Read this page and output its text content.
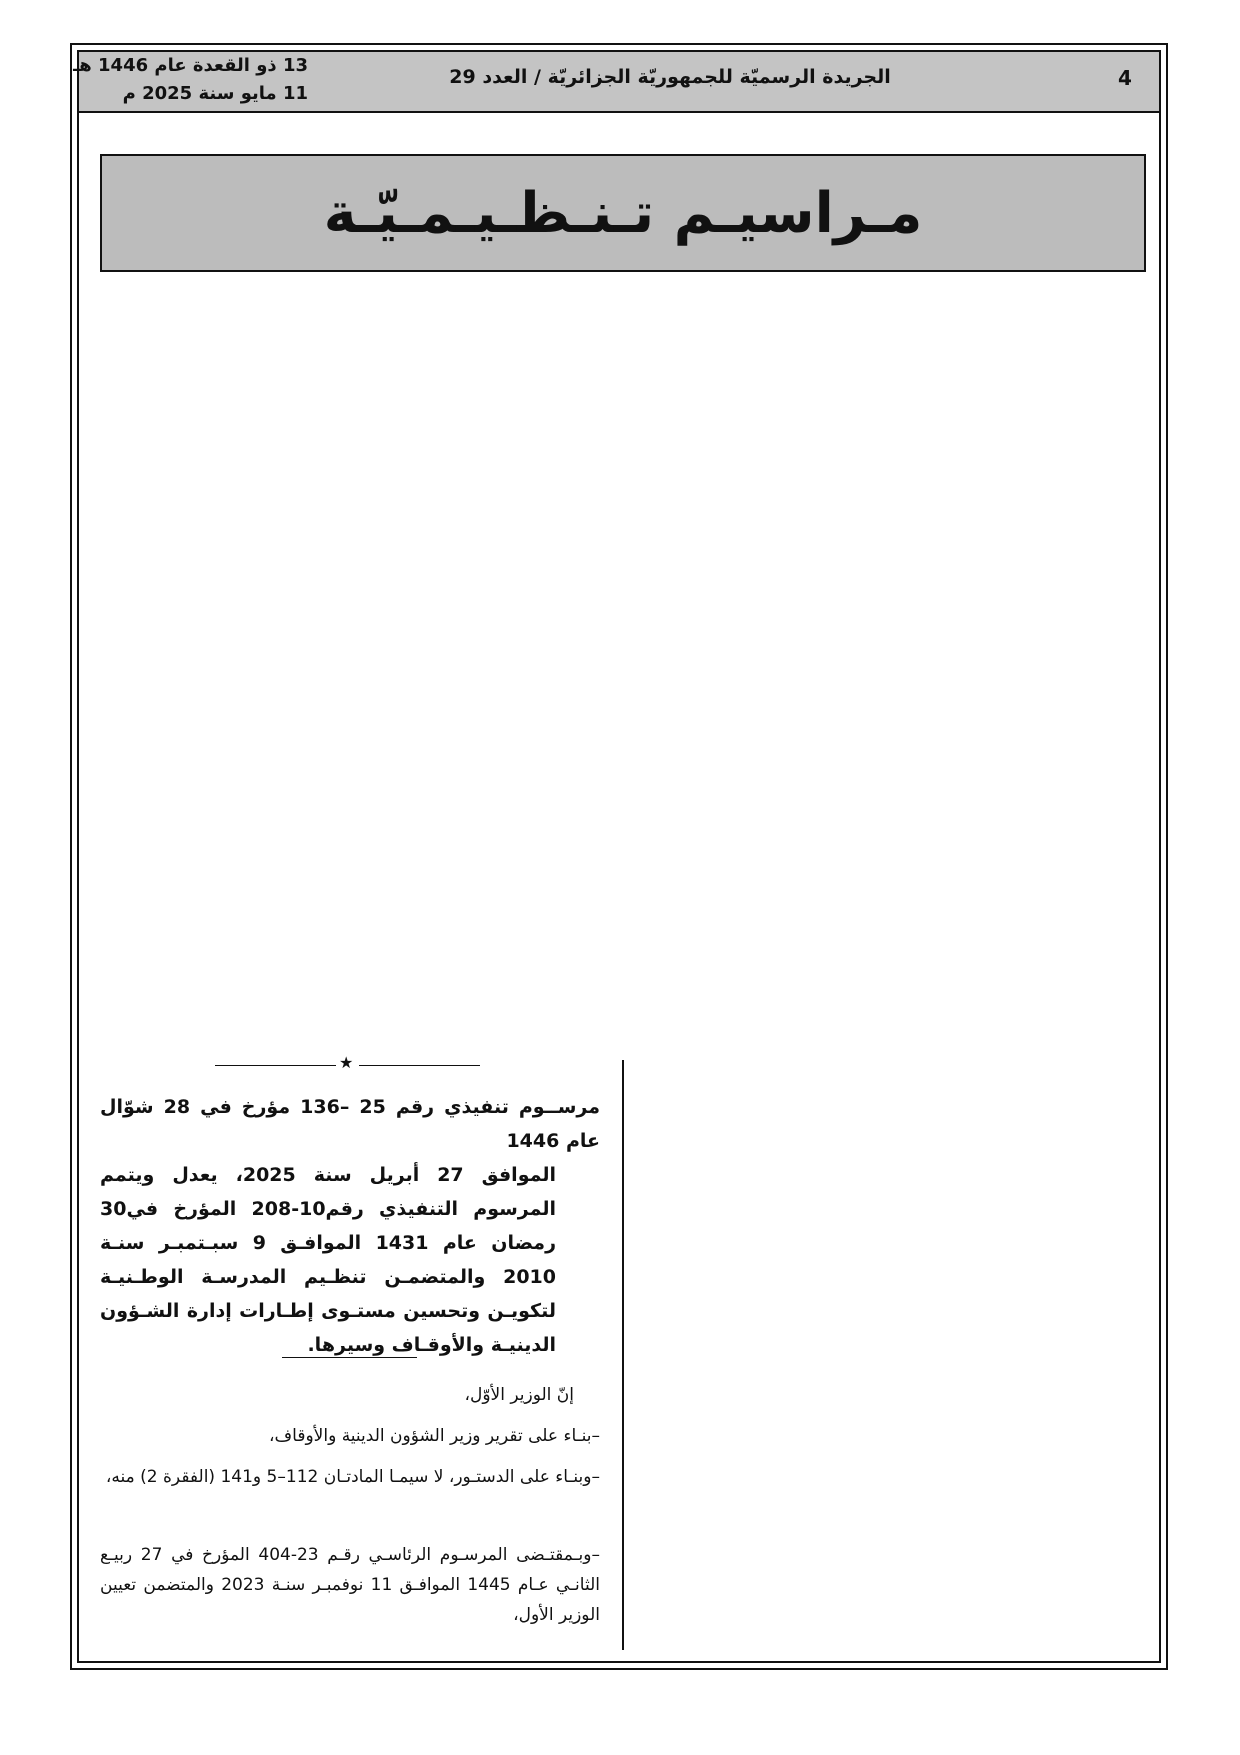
4
الجريدة الرسميّة للجمهوريّة الجزائريّة / العدد 29
13 ذو القعدة عام 1446 هـ
11 مايو سنة 2025 م
مـراسيـم تـنـظـيـمـيّـة
★
مرســوم تنفيذي رقم 25 –136 مؤرخ في 28 شوّال عام 1446
الموافق 27 أبريل سنة 2025، يعدل ويتمم المرسوم التنفيذي رقم10-208 المؤرخ في30 رمضان عام 1431 الموافـق 9 سبـتمبـر سنـة 2010 والمتضمـن تنظـيم المدرسـة الوطـنيـة لتكويـن وتحسين مستـوى إطـارات إدارة الشـؤون الدينيـة والأوقـاف وسيرها.
إنّ الوزير الأوّل،
–بنـاء على تقرير وزير الشؤون الدينية والأوقاف،
–وبنـاء على الدستـور، لا سيمـا المادتـان 112–5 و141 (الفقرة 2) منه،
–وبـمقتـضى المرسـوم الرئاسـي رقـم 23-404 المؤرخ في 27 ربيـع الثانـي عـام 1445 الموافـق 11 نوفمبـر سنـة 2023 والمتضمن تعيين الوزير الأول،
